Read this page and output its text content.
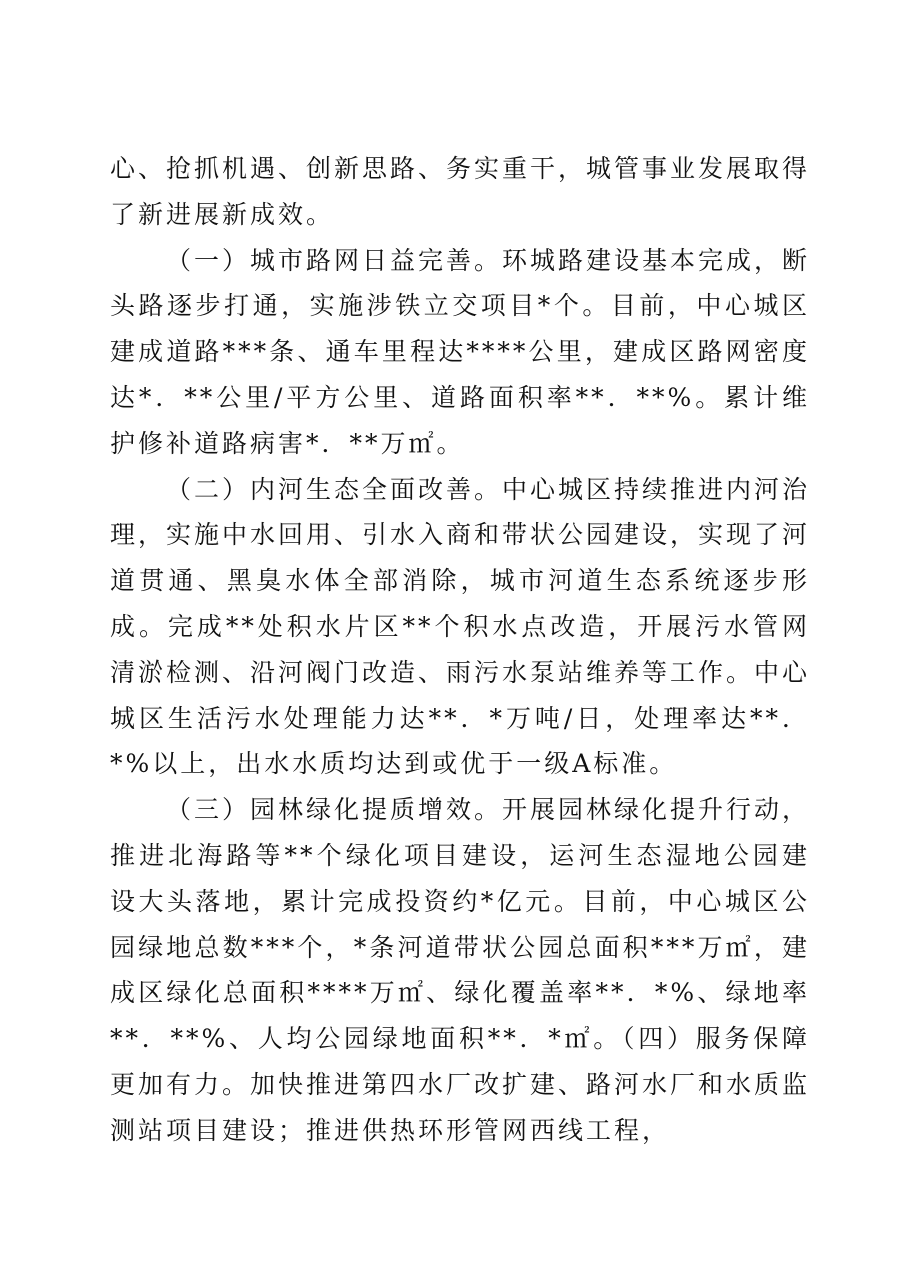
心、抢抓机遇、创新思路、务实重干，城管事业发展取得了新进展新成效。

（一）城市路网日益完善。环城路建设基本完成，断头路逐步打通，实施涉铁立交项目*个。目前，中心城区建成道路***条、通车里程达****公里，建成区路网密度达*．**公里/平方公里、道路面积率**．**%。累计维护修补道路病害*．**万㎡。

（二）内河生态全面改善。中心城区持续推进内河治理，实施中水回用、引水入商和带状公园建设，实现了河道贯通、黑臭水体全部消除，城市河道生态系统逐步形成。完成**处积水片区**个积水点改造，开展污水管网清淤检测、沿河阀门改造、雨污水泵站维养等工作。中心城区生活污水处理能力达**．*万吨/日，处理率达**．*%以上，出水水质均达到或优于一级A标准。

（三）园林绿化提质增效。开展园林绿化提升行动，推进北海路等**个绿化项目建设，运河生态湿地公园建设大头落地，累计完成投资约*亿元。目前，中心城区公园绿地总数***个，*条河道带状公园总面积***万㎡，建成区绿化总面积****万㎡、绿化覆盖率**．*%、绿地率**．**%、人均公园绿地面积**．*㎡。（四）服务保障更加有力。加快推进第四水厂改扩建、路河水厂和水质监测站项目建设；推进供热环形管网西线工程，
